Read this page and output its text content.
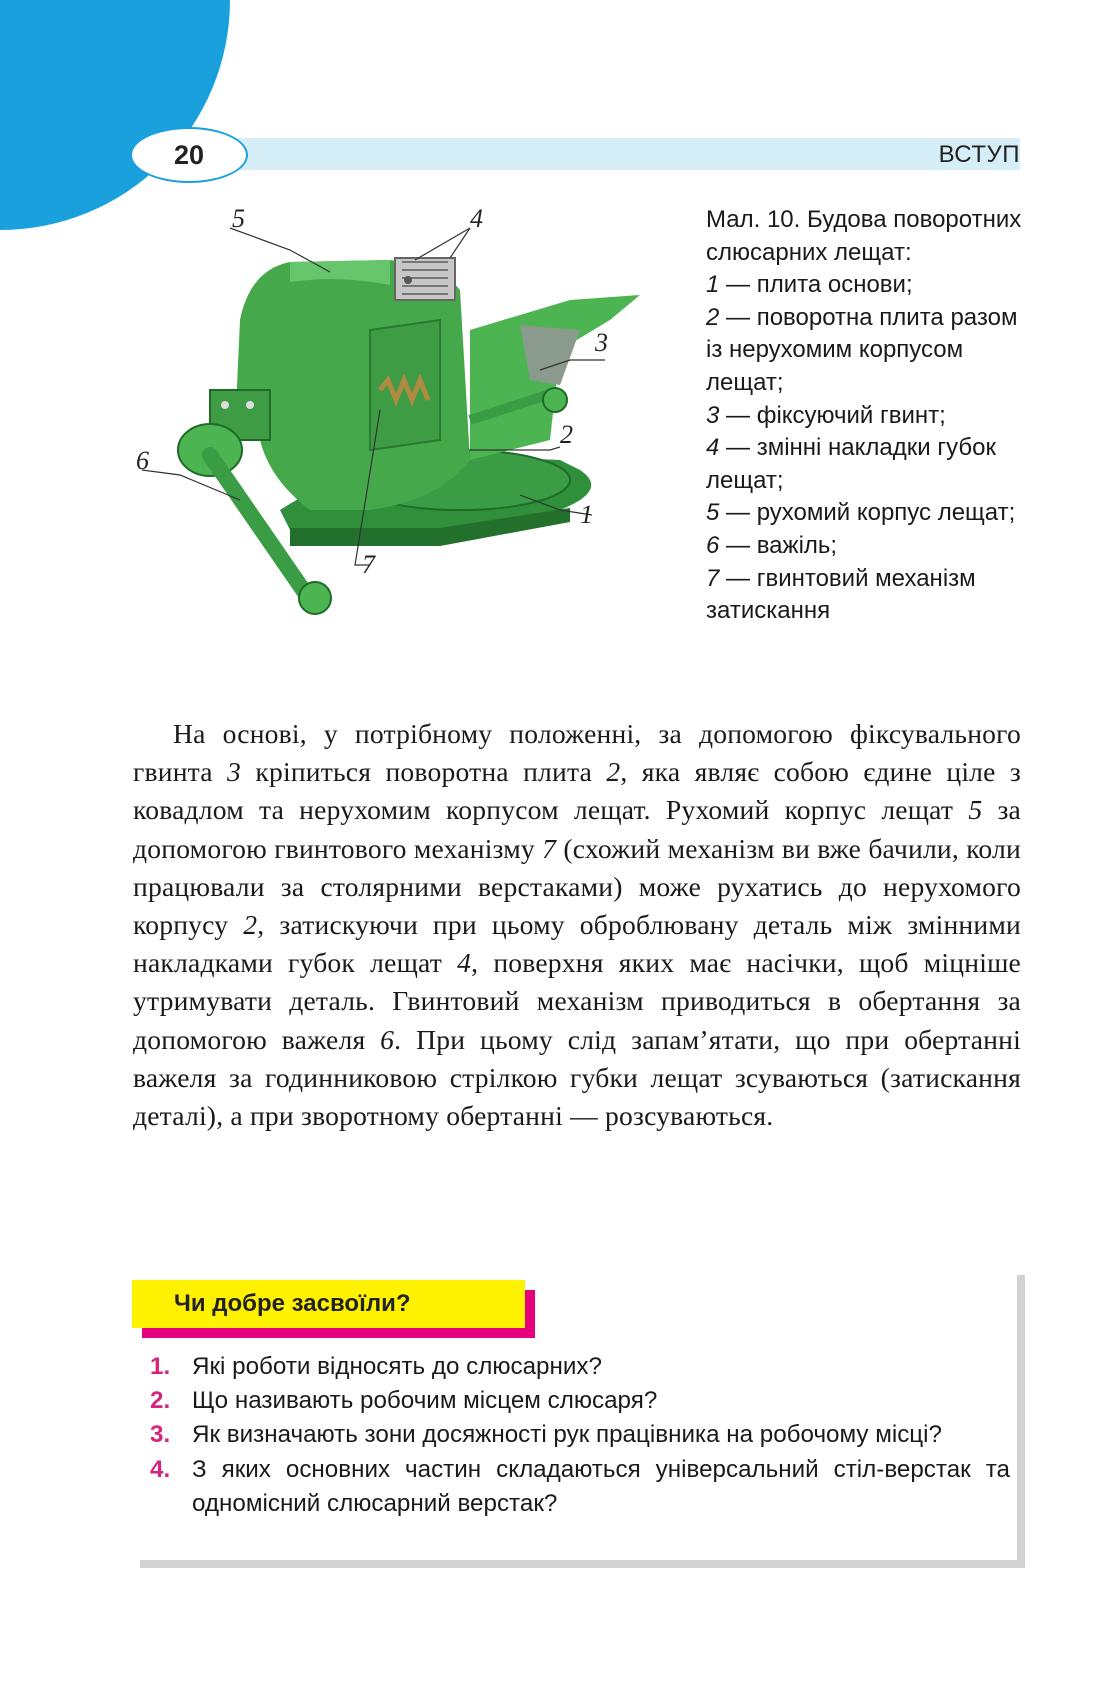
20	ВСТУП
5	4
3
2
1
6
7
Мал. 10. Будова поворотних слюсарних лещат:
1 — плита основи;
2 — поворотна плита разом із нерухомим корпусом лещат;
3 — фіксуючий гвинт;
4 — змінні накладки губок лещат;
5 — рухомий корпус лещат;
6 — важіль;
7 — гвинтовий механізм затискання

На основі, у потрібному положенні, за допомогою фіксувального гвинта 3 кріпиться поворотна плита 2, яка являє собою єдине ціле з ковадлом та нерухомим корпусом лещат. Рухомий корпус лещат 5 за допомогою гвинтового механізму 7 (схожий механізм ви вже бачили, коли працювали за столярними верстаками) може рухатись до нерухомого корпусу 2, затискуючи при цьому оброблювану деталь між змінними накладками губок лещат 4, поверхня яких має насічки, щоб міцніше утримувати деталь. Гвинтовий механізм приводиться в обертання за допомогою важеля 6. При цьому слід запам’ятати, що при обертанні важеля за годинниковою стрілкою губки лещат зсуваються (затискання деталі), а при зворотному обертанні — розсуваються.

Чи добре засвоїли?
1. Які роботи відносять до слюсарних?
2. Що називають робочим місцем слюсаря?
3. Як визначають зони досяжності рук працівника на робочому місці?
4. З яких основних частин складаються універсальний стіл-верстак та одномісний слюсарний верстак?
